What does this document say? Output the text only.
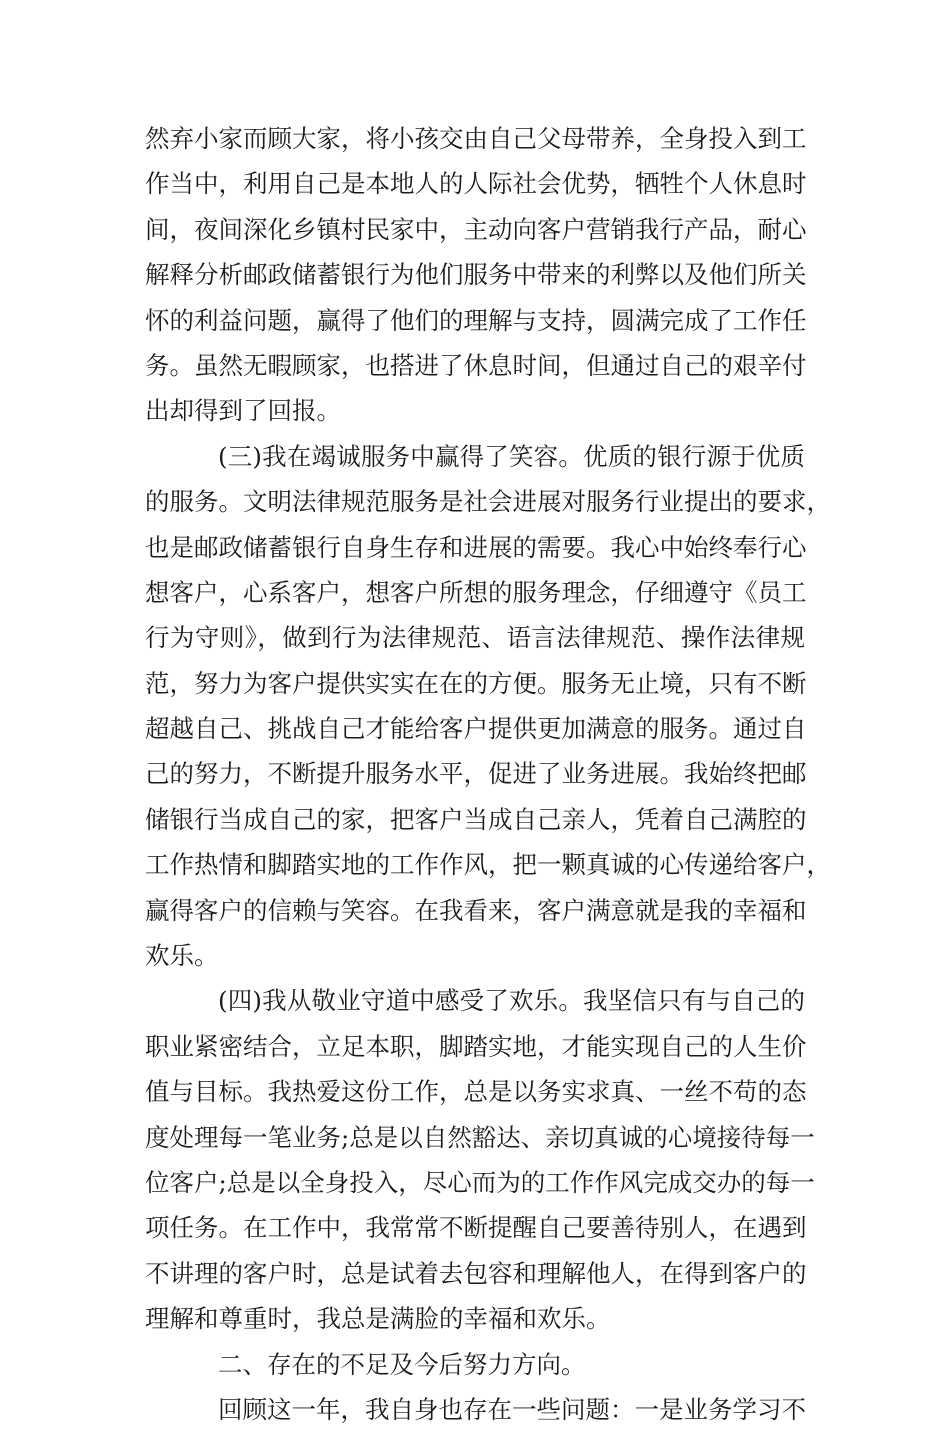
然弃小家而顾大家，将小孩交由自己父母带养，全身投入到工
作当中，利用自己是本地人的人际社会优势，牺牲个人休息时
间，夜间深化乡镇村民家中，主动向客户营销我行产品，耐心
解释分析邮政储蓄银行为他们服务中带来的利弊以及他们所关
怀的利益问题，赢得了他们的理解与支持，圆满完成了工作任
务。虽然无暇顾家，也搭进了休息时间，但通过自己的艰辛付
出却得到了回报。
(三)我在竭诚服务中赢得了笑容。优质的银行源于优质
的服务。文明法律规范服务是社会进展对服务行业提出的要求，
也是邮政储蓄银行自身生存和进展的需要。我心中始终奉行心
想客户，心系客户，想客户所想的服务理念，仔细遵守《员工
行为守则》，做到行为法律规范、语言法律规范、操作法律规
范，努力为客户提供实实在在的方便。服务无止境，只有不断
超越自己、挑战自己才能给客户提供更加满意的服务。通过自
己的努力，不断提升服务水平，促进了业务进展。我始终把邮
储银行当成自己的家，把客户当成自己亲人，凭着自己满腔的
工作热情和脚踏实地的工作作风，把一颗真诚的心传递给客户，
赢得客户的信赖与笑容。在我看来，客户满意就是我的幸福和
欢乐。
(四)我从敬业守道中感受了欢乐。我坚信只有与自己的
职业紧密结合，立足本职，脚踏实地，才能实现自己的人生价
值与目标。我热爱这份工作，总是以务实求真、一丝不苟的态
度处理每一笔业务;总是以自然豁达、亲切真诚的心境接待每一
位客户;总是以全身投入，尽心而为的工作作风完成交办的每一
项任务。在工作中，我常常不断提醒自己要善待别人，在遇到
不讲理的客户时，总是试着去包容和理解他人，在得到客户的
理解和尊重时，我总是满脸的幸福和欢乐。
二、存在的不足及今后努力方向。
回顾这一年，我自身也存在一些问题：一是业务学习不
